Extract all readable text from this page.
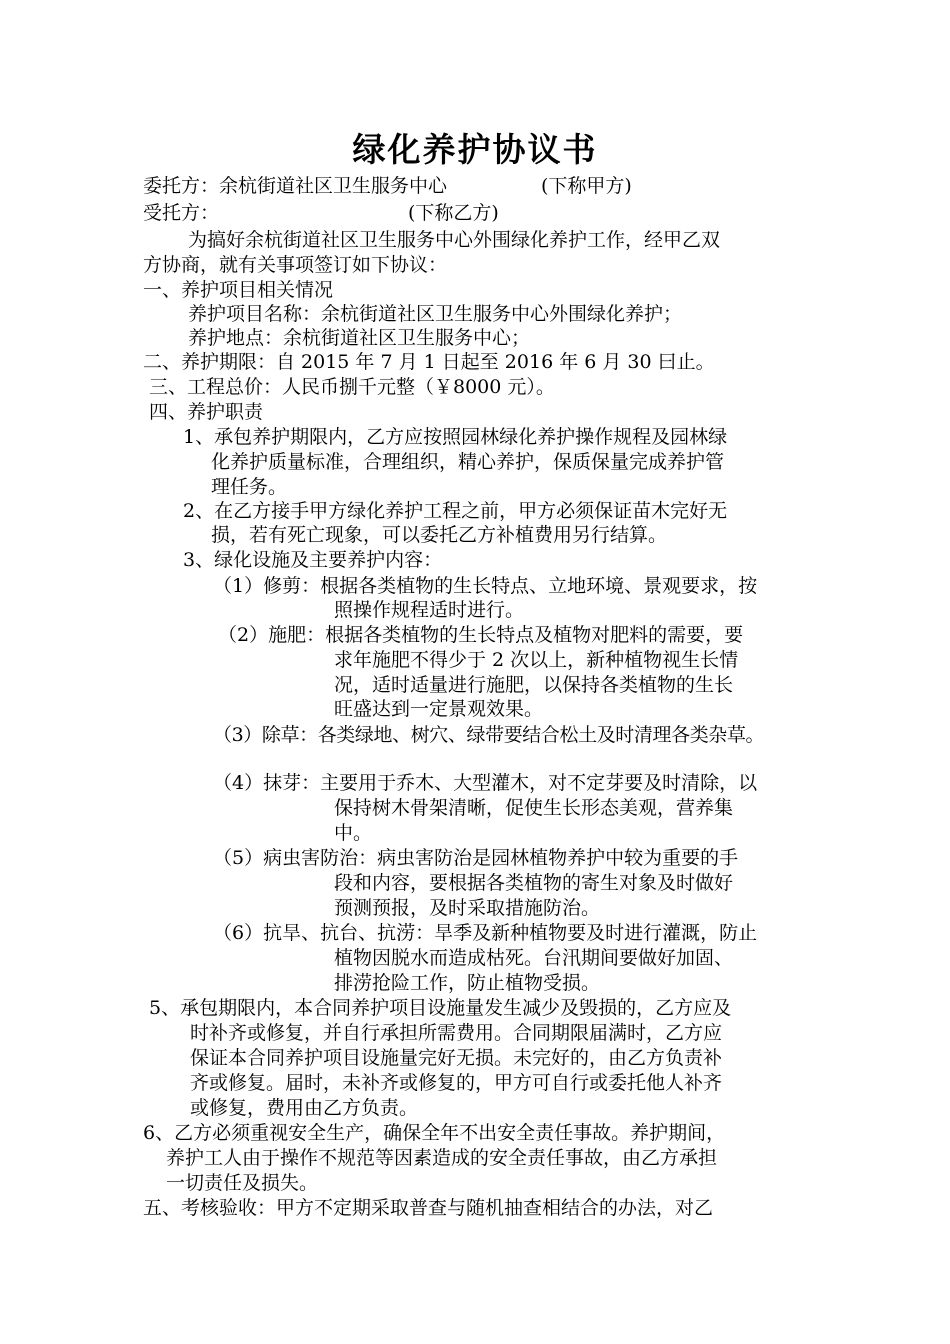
绿化养护协议书
委托方：余杭街道社区卫生服务中心	(下称甲方)
受托方：	(下称乙方)
为搞好余杭街道社区卫生服务中心外围绿化养护工作，经甲乙双
方协商，就有关事项签订如下协议：
一、养护项目相关情况
养护项目名称：余杭街道社区卫生服务中心外围绿化养护；
养护地点：余杭街道社区卫生服务中心；
二、养护期限：自 2015 年 7 月 1 日起至 2016 年 6 月 30 曰止。
三、工程总价：人民币捌千元整（￥8000 元）。
四、养护职责
1、承包养护期限内，乙方应按照园林绿化养护操作规程及园林绿
化养护质量标准，合理组织，精心养护，保质保量完成养护管
理任务。
2、在乙方接手甲方绿化养护工程之前，甲方必须保证苗木完好无
损，若有死亡现象，可以委托乙方补植费用另行结算。
3、绿化设施及主要养护内容：
（1）修剪：根据各类植物的生长特点、立地环境、景观要求，按
照操作规程适时进行。
（2）施肥：根据各类植物的生长特点及植物对肥料的需要，要
求年施肥不得少于 2 次以上，新种植物视生长情
况，适时适量进行施肥，以保持各类植物的生长
旺盛达到一定景观效果。
（3）除草：各类绿地、树穴、绿带要结合松土及时清理各类杂草。
（4）抹芽：主要用于乔木、大型灌木，对不定芽要及时清除，以
保持树木骨架清晰，促使生长形态美观，营养集
中。
（5）病虫害防治：病虫害防治是园林植物养护中较为重要的手
段和内容，要根据各类植物的寄生对象及时做好
预测预报，及时采取措施防治。
（6）抗旱、抗台、抗涝：旱季及新种植物要及时进行灌溉，防止
植物因脱水而造成枯死。台汛期间要做好加固、
排涝抢险工作，防止植物受损。
5、承包期限内，本合同养护项目设施量发生减少及毁损的，乙方应及
时补齐或修复，并自行承担所需费用。合同期限届满时，乙方应
保证本合同养护项目设施量完好无损。未完好的，由乙方负责补
齐或修复。届时，未补齐或修复的，甲方可自行或委托他人补齐
或修复，费用由乙方负责。
6、乙方必须重视安全生产，确保全年不出安全责任事故。养护期间，
养护工人由于操作不规范等因素造成的安全责任事故，由乙方承担
一切责任及损失。
五、考核验收：甲方不定期采取普查与随机抽查相结合的办法，对乙
